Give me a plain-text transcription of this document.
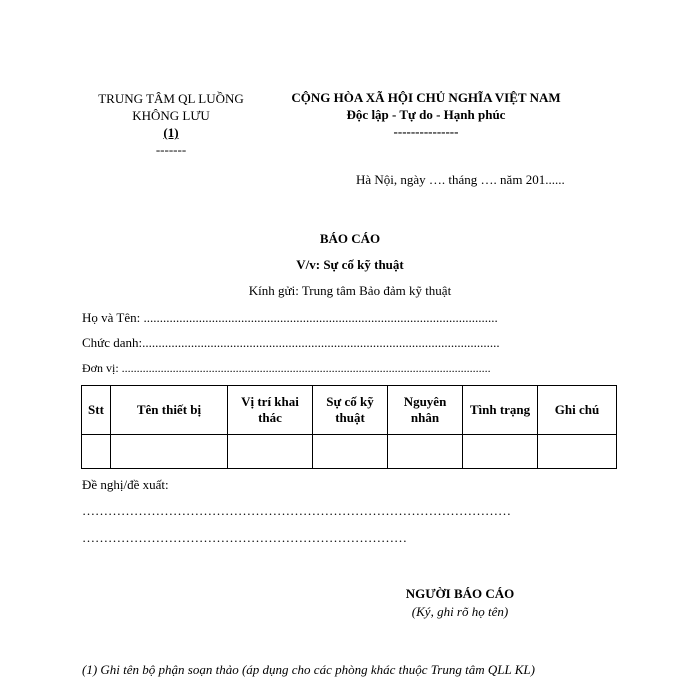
TRUNG TÂM QL LUỒNG
KHÔNG LƯU
(1)
-------
CỘNG HÒA XÃ HỘI CHỦ NGHĨA VIỆT NAM
Độc lập - Tự do - Hạnh phúc
---------------
Hà Nội, ngày …. tháng …. năm 201......
BÁO CÁO
V/v: Sự cố kỹ thuật
Kính gửi: Trung tâm Bảo đảm kỹ thuật
Họ và Tên: .............................................................................................................
Chức danh:..............................................................................................................
Đơn vị: ...........................................................................................................................
Stt	Tên thiết bị	Vị trí khai thác	Sự cố kỹ thuật	Nguyên nhân	Tình trạng	Ghi chú

Đề nghị/đề xuất:
………………………………………………………………………………………
…………………………………………………………………
NGƯỜI BÁO CÁO
(Ký, ghi rõ họ tên)
(1) Ghi tên bộ phận soạn thảo (áp dụng cho các phòng khác thuộc Trung tâm QLL KL)
